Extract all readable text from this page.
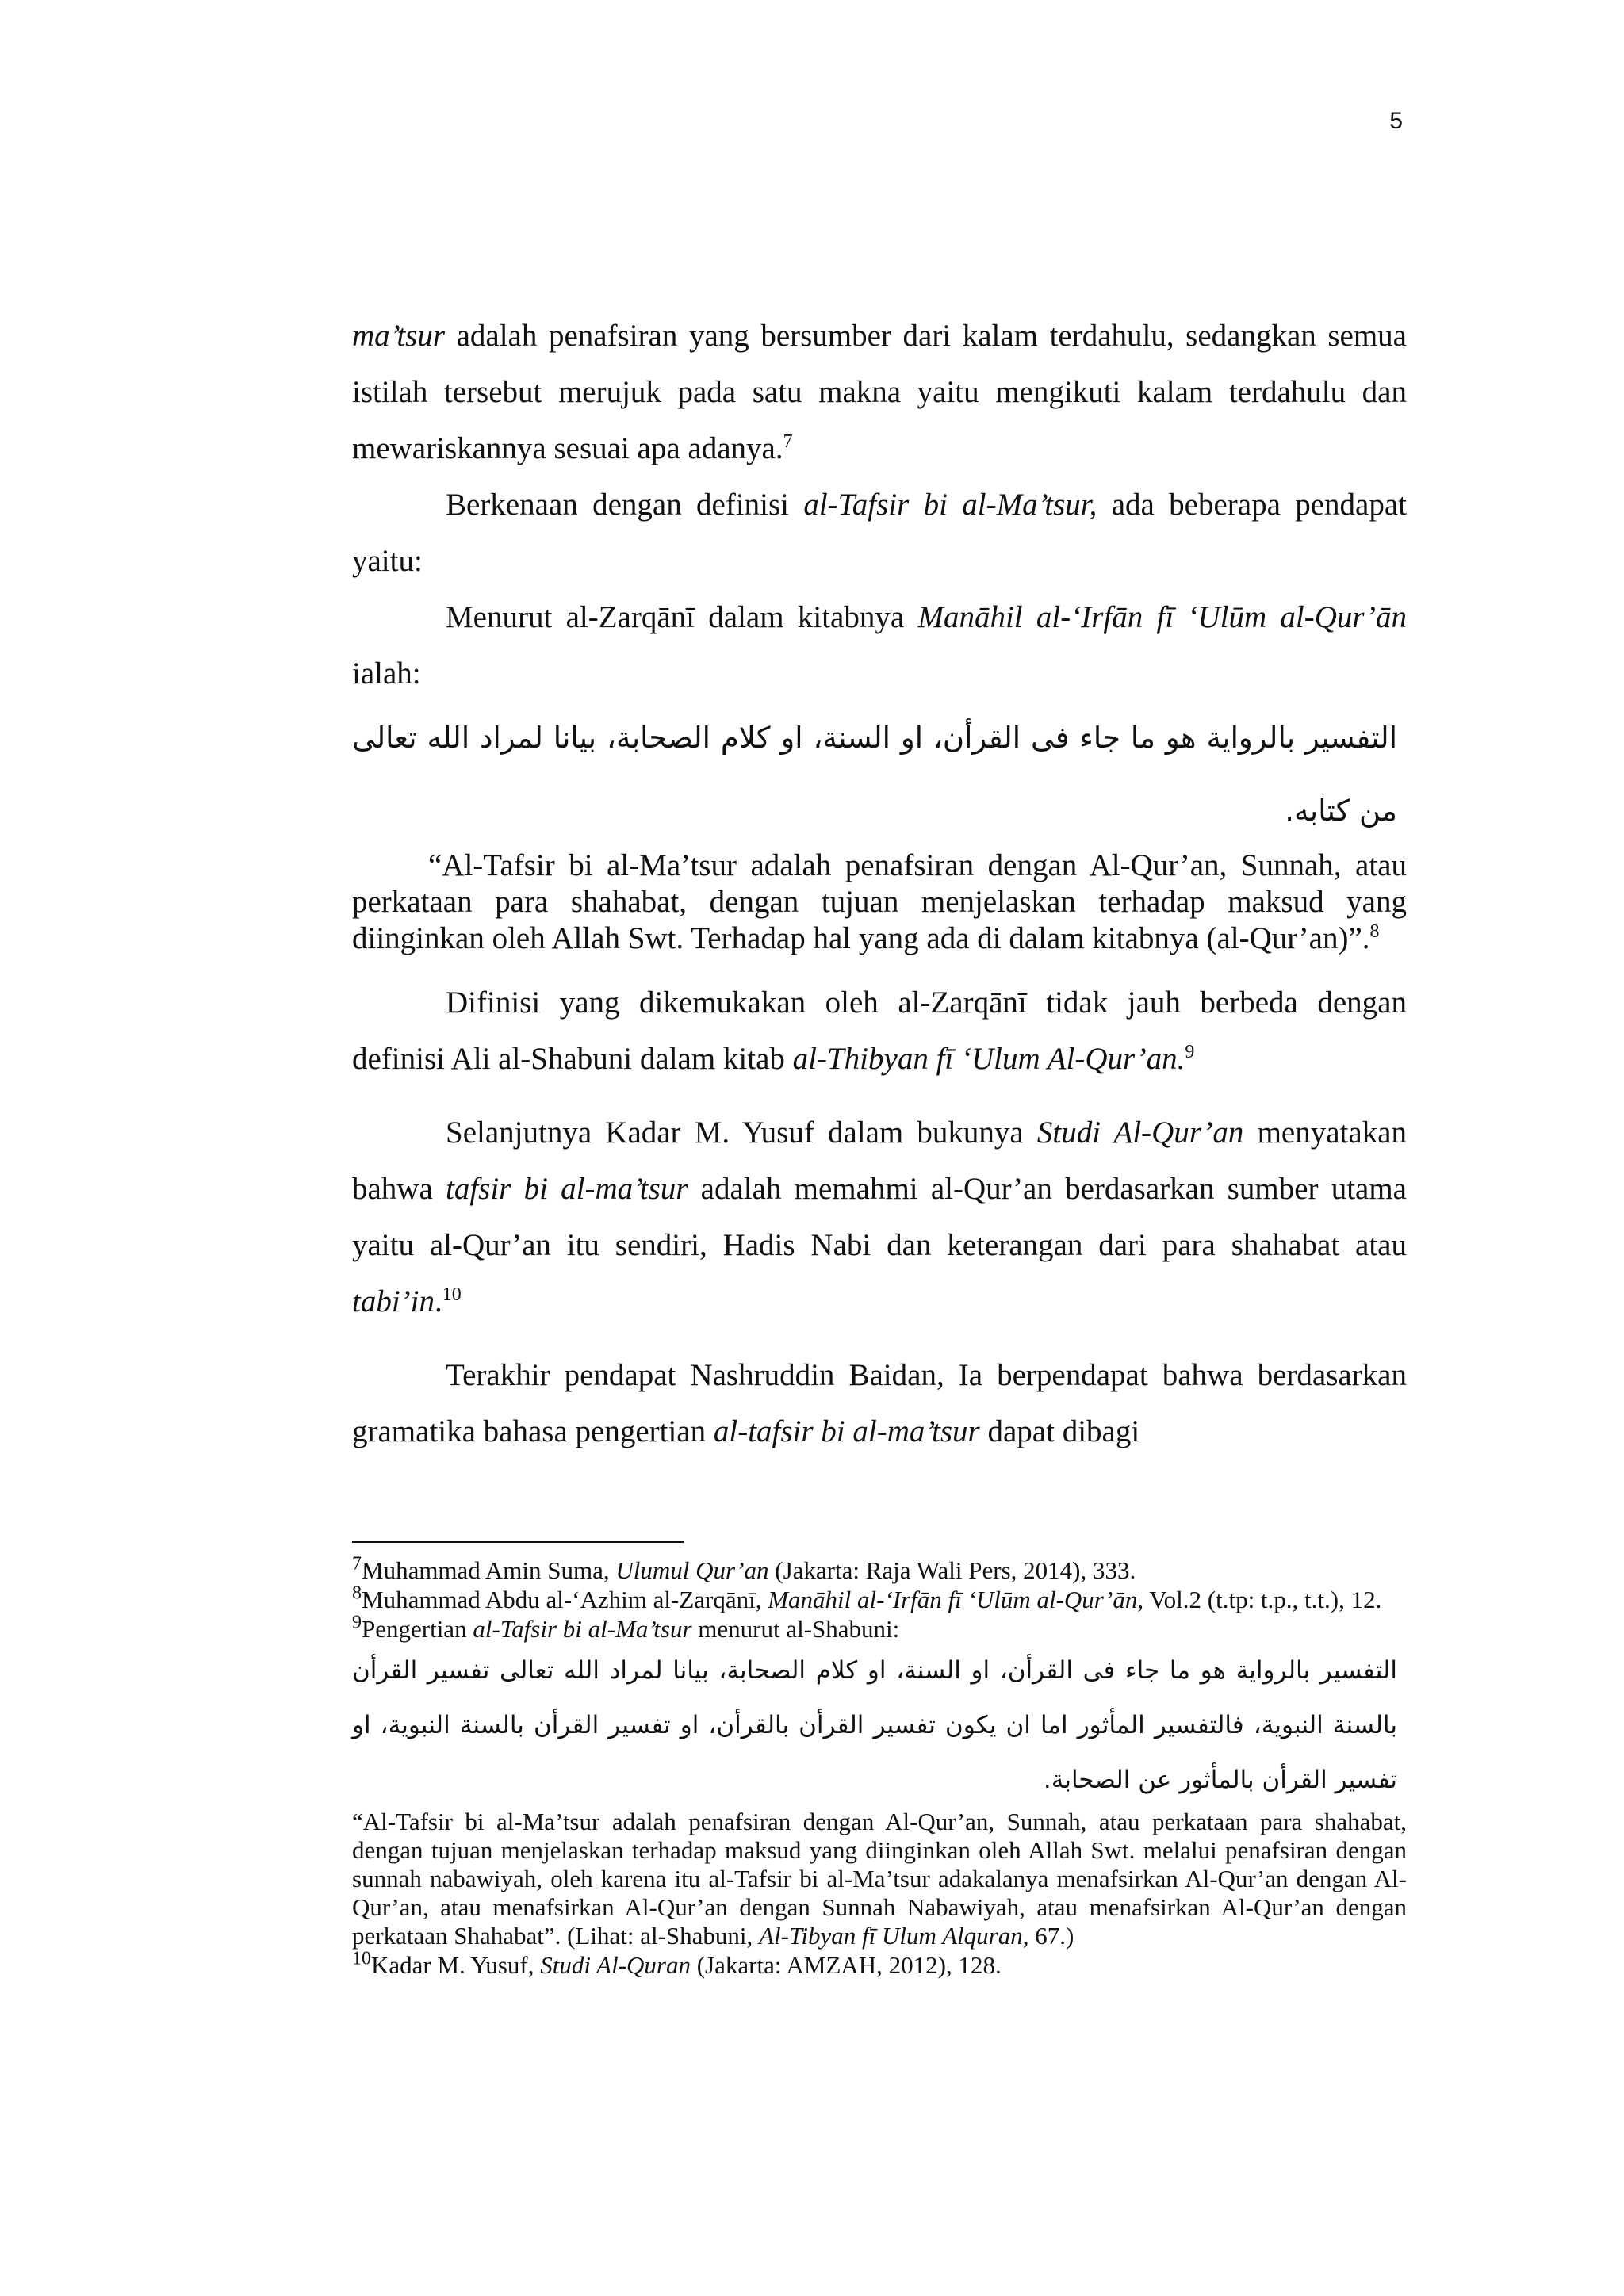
5

ma’tsur adalah penafsiran yang bersumber dari kalam terdahulu, sedangkan semua istilah tersebut merujuk pada satu makna yaitu mengikuti kalam terdahulu dan mewariskannya sesuai apa adanya.$^7$

Berkenaan dengan definisi al-Tafsir bi al-Ma’tsur, ada beberapa pendapat yaitu:

Menurut al-Zarqānī dalam kitabnya Manāhil al-‘Irfān fī ‘Ulūm al-Qur’ān ialah:

التفسير بالرواية هو ما جاء فى القرأن، او السنة، او كلام الصحابة، بيانا لمراد الله تعالى من كتابه.

“Al-Tafsir bi al-Ma’tsur adalah penafsiran dengan Al-Qur’an, Sunnah, atau perkataan para shahabat, dengan tujuan menjelaskan terhadap maksud yang diinginkan oleh Allah Swt. Terhadap hal yang ada di dalam kitabnya (al-Qur’an)”.$^8$

Difinisi yang dikemukakan oleh al-Zarqānī tidak jauh berbeda dengan definisi Ali al-Shabuni dalam kitab al-Thibyan fī ‘Ulum Al-Qur’an.$^9$

Selanjutnya Kadar M. Yusuf dalam bukunya Studi Al-Qur’an menyatakan bahwa tafsir bi al-ma’tsur adalah memahmi al-Qur’an berdasarkan sumber utama yaitu al-Qur’an itu sendiri, Hadis Nabi dan keterangan dari para shahabat atau tabi’in.$^{10}$

Terakhir pendapat Nashruddin Baidan, Ia berpendapat bahwa berdasarkan gramatika bahasa pengertian al-tafsir bi al-ma’tsur dapat dibagi

$^7$Muhammad Amin Suma, Ulumul Qur’an (Jakarta: Raja Wali Pers, 2014), 333.

$^8$Muhammad Abdu al-‘Azhim al-Zarqānī, Manāhil al-‘Irfān fī ‘Ulūm al-Qur’ān, Vol.2 (t.tp: t.p., t.t.), 12.

$^9$Pengertian al-Tafsir bi al-Ma’tsur menurut al-Shabuni:

التفسير بالرواية هو ما جاء فى القرأن، او السنة، او كلام الصحابة، بيانا لمراد الله تعالى تفسير القرأن بالسنة النبوية، فالتفسير المأثور اما ان يكون تفسير القرأن بالقرأن، او تفسير القرأن بالسنة النبوية، او تفسير القرأن بالمأثور عن الصحابة.

“Al-Tafsir bi al-Ma’tsur adalah penafsiran dengan Al-Qur’an, Sunnah, atau perkataan para shahabat, dengan tujuan menjelaskan terhadap maksud yang diinginkan oleh Allah Swt. melalui penafsiran dengan sunnah nabawiyah, oleh karena itu al-Tafsir bi al-Ma’tsur adakalanya menafsirkan Al-Qur’an dengan Al-Qur’an, atau menafsirkan Al-Qur’an dengan Sunnah Nabawiyah, atau menafsirkan Al-Qur’an dengan perkataan Shahabat”. (Lihat: al-Shabuni, Al-Tibyan fī Ulum Alquran, 67.)

$^{10}$Kadar M. Yusuf, Studi Al-Quran (Jakarta: AMZAH, 2012), 128.
